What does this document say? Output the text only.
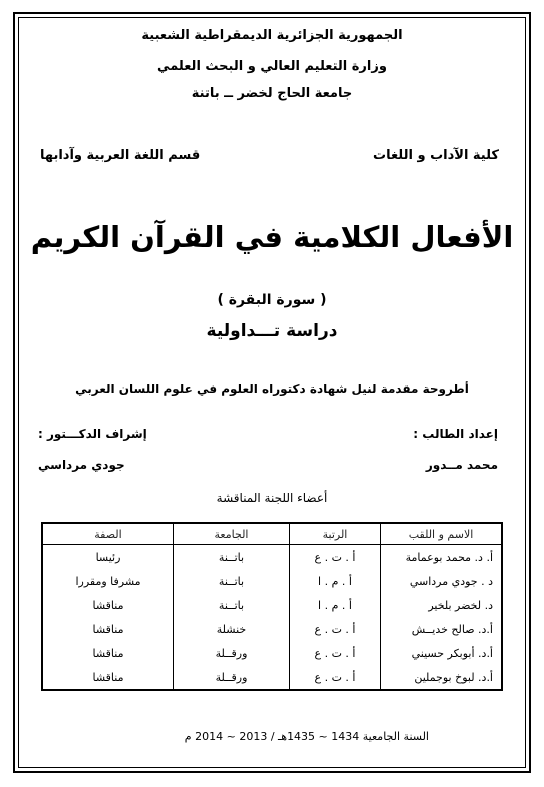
الجمهورية الجزائرية الديمقراطية الشعبية
وزارة التعليم العالي و البحث العلمي
جامعة الحاج لخضر ــ باتنة
كلية الآداب و اللغات
قسم اللغة العربية وآدابها
الأفعال الكلامية في القرآن الكريم
( سورة البقرة )
دراسة تـــداولية
أطروحة مقدمة لنيل شهادة دكتوراه العلوم في علوم اللسان العربي
إعداد الطالب :
إشراف الدكـــتور :
محمد مــدور
جودي مرداسي
أعضاء اللجنة المناقشة
الاسم و اللقب	الرتبة	الجامعة	الصفة
أ. د. محمد بوعمامة	أ . ت . ع	باتــنة	رئيسا
د . جودي مرداسي	أ . م . ا	باتــنة	مشرفا ومقررا
د. لخضر بلخير	أ . م . ا	باتــنة	مناقشا
أ.د. صالح خديــش	أ . ت . ع	خنشلة	مناقشا
أ.د. أبوبكر حسيني	أ . ت . ع	ورقــلة	مناقشا
أ.د. لبوخ بوجملين	أ . ت . ع	ورقــلة	مناقشا
السنة الجامعية 1434 ~ 1435هـ / 2013 ~ 2014 م
